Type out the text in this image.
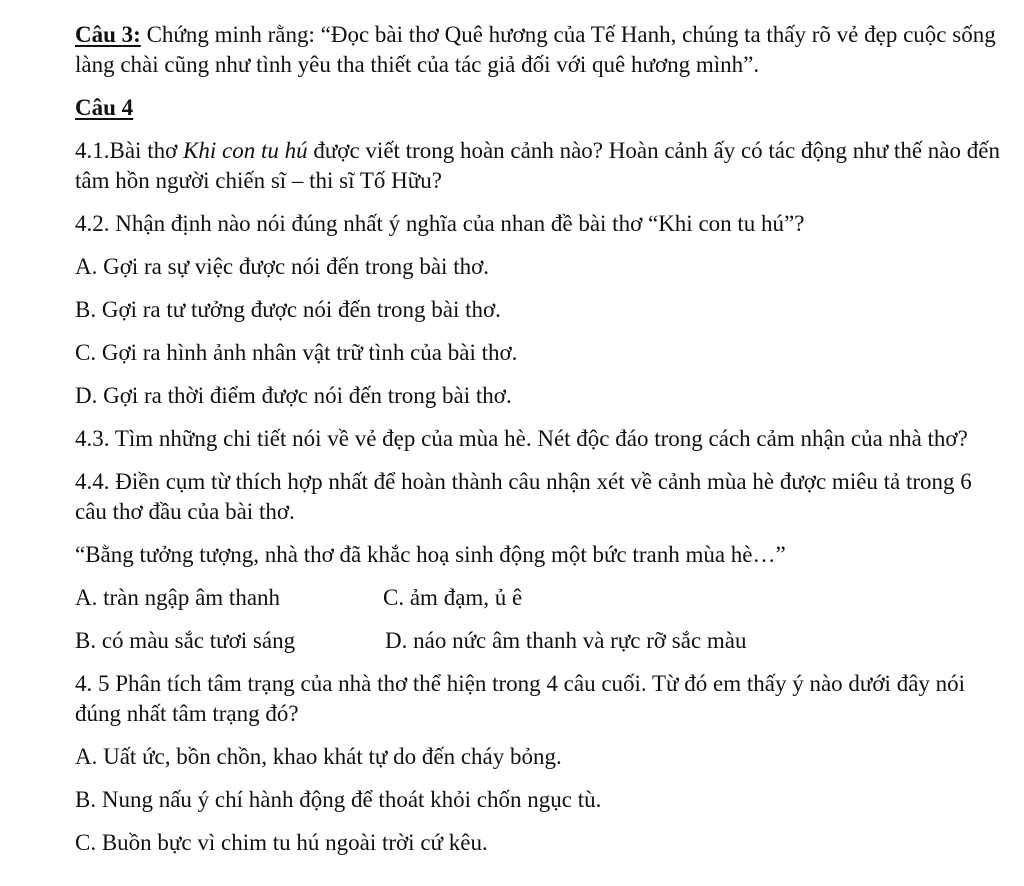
Câu 3: Chứng minh rằng: “Đọc bài thơ Quê hương của Tế Hanh, chúng ta thấy rõ vẻ đẹp cuộc sống làng chài cũng như tình yêu tha thiết của tác giả đối với quê hương mình”.

Câu 4

4.1.Bài thơ Khi con tu hú được viết trong hoàn cảnh nào? Hoàn cảnh ấy có tác động như thế nào đến tâm hồn người chiến sĩ – thi sĩ Tố Hữu?

4.2. Nhận định nào nói đúng nhất ý nghĩa của nhan đề bài thơ “Khi con tu hú”?

A. Gợi ra sự việc được nói đến trong bài thơ.

B. Gợi ra tư tưởng được nói đến trong bài thơ.

C. Gợi ra hình ảnh nhân vật trữ tình của bài thơ.

D. Gợi ra thời điểm được nói đến trong bài thơ.

4.3. Tìm những chi tiết nói về vẻ đẹp của mùa hè. Nét độc đáo trong cách cảm nhận của nhà thơ?

4.4. Điền cụm từ thích hợp nhất để hoàn thành câu nhận xét về cảnh mùa hè được miêu tả trong 6 câu thơ đầu của bài thơ.

“Bằng tưởng tượng, nhà thơ đã khắc hoạ sinh động một bức tranh mùa hè…”

A. tràn ngập âm thanh	C. ảm đạm, ủ ê
B. có màu sắc tươi sáng	D. náo nức âm thanh và rực rỡ sắc màu

4. 5 Phân tích tâm trạng của nhà thơ thể hiện trong 4 câu cuối. Từ đó em thấy ý nào dưới đây nói đúng nhất tâm trạng đó?

A. Uất ức, bồn chồn, khao khát tự do đến cháy bỏng.

B. Nung nấu ý chí hành động để thoát khỏi chốn ngục tù.

C. Buồn bực vì chim tu hú ngoài trời cứ kêu.
